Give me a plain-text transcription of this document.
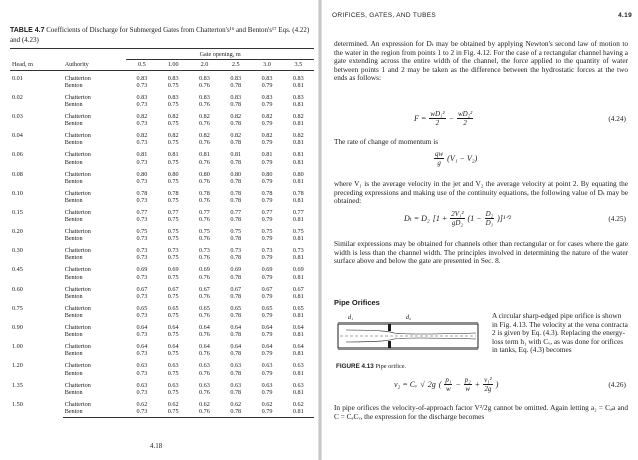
TABLE 4.7 Coefficients of Discharge for Submerged Gates from Chatterton's¹⁶ and Benton's¹⁷ Eqs. (4.22) and (4.23)
		Gate opening, m					
Head, m	Authority	0.5	1.00	2.0	2.5	3.0	3.5
0.01	Chatterton	0.83	0.83	0.83	0.83	0.83	0.83
	Benton	0.73	0.75	0.76	0.78	0.79	0.81
0.02	Chatterton	0.83	0.83	0.83	0.83	0.83	0.83
	Benton	0.73	0.75	0.76	0.78	0.79	0.81
0.03	Chatterton	0.82	0.82	0.82	0.82	0.82	0.82
	Benton	0.73	0.75	0.76	0.78	0.79	0.81
0.04	Chatterton	0.82	0.82	0.82	0.82	0.82	0.82
	Benton	0.73	0.75	0.76	0.78	0.79	0.81
0.06	Chatterton	0.81	0.81	0.81	0.81	0.81	0.81
	Benton	0.73	0.75	0.76	0.78	0.79	0.81
0.08	Chatterton	0.80	0.80	0.80	0.80	0.80	0.80
	Benton	0.73	0.75	0.76	0.78	0.79	0.81
0.10	Chatterton	0.78	0.78	0.78	0.78	0.78	0.78
	Benton	0.73	0.75	0.76	0.78	0.79	0.81
0.15	Chatterton	0.77	0.77	0.77	0.77	0.77	0.77
	Benton	0.73	0.75	0.76	0.78	0.79	0.81
0.20	Chatterton	0.75	0.75	0.75	0.75	0.75	0.75
	Benton	0.73	0.75	0.76	0.78	0.79	0.81
0.30	Chatterton	0.73	0.73	0.73	0.73	0.73	0.73
	Benton	0.73	0.75	0.76	0.78	0.79	0.81
0.45	Chatterton	0.69	0.69	0.69	0.69	0.69	0.69
	Benton	0.73	0.75	0.76	0.78	0.79	0.81
0.60	Chatterton	0.67	0.67	0.67	0.67	0.67	0.67
	Benton	0.73	0.75	0.76	0.78	0.79	0.81
0.75	Chatterton	0.65	0.65	0.65	0.65	0.65	0.65
	Benton	0.73	0.75	0.76	0.78	0.79	0.81
0.90	Chatterton	0.64	0.64	0.64	0.64	0.64	0.64
	Benton	0.73	0.75	0.76	0.78	0.79	0.81
1.00	Chatterton	0.64	0.64	0.64	0.64	0.64	0.64
	Benton	0.73	0.75	0.76	0.78	0.79	0.81
1.20	Chatterton	0.63	0.63	0.63	0.63	0.63	0.63
	Benton	0.73	0.75	0.76	0.78	0.79	0.81
1.35	Chatterton	0.63	0.63	0.63	0.63	0.63	0.63
	Benton	0.73	0.75	0.76	0.78	0.79	0.81
1.50	Chatterton	0.62	0.62	0.62	0.62	0.62	0.62
	Benton	0.73	0.75	0.76	0.78	0.79	0.81
4.18
ORIFICES, GATES, AND TUBES	4.19
determined. An expression for Dₜ may be obtained by applying Newton's second law of motion to the water in the region from points 1 to 2 in Fig. 4.12. For the case of a rectangular channel having a gate extending across the entire width of the channel, the force applied to the quantity of water between points 1 and 2 may be taken as the difference between the hydrostatic forces at the two ends as follows:
$F = \frac{\text{wD₁²}}{2} - \frac{\text{wD₂²}}{2}$	(4.24)
The rate of change of momentum is
$\frac{qw}{g} (V_1 - V_2)$
where V₁ is the average velocity in the jet and V₂ the average velocity at point 2. By equating the preceding expressions and making use of the continuity equations, the following value of Dₜ may be obtained:
Dₜ = D₂ [$1 + \frac{\text{2V₁²}}{\text{gD₂}} (1 - \frac{\text{D₂}}{\text{D₁}}$ )]¹ᐟ²	(4.25)
Similar expressions may be obtained for channels other than rectangular or for cases where the gate width is less than the channel width. The principles involved in determining the nature of the water surface above and below the gate are presented in Sec. 8.
Pipe Orifices
d₁	d₂
FIGURE 4.13 Pipe orifice.
A circular sharp-edged pipe orifice is shown in Fig. 4.13. The velocity at the vena contracta 2 is given by Eq. (4.3). Replacing the energy-loss term h₁ with Cᵥ, as was done for orifices in tanks, Eq. (4.3) becomes
v₂ = Cᵥ √ 2g ( $\frac{\text{p₁}}{w} - \frac{\text{p₂}}{w} + \frac{\text{v₁²}}{2g}$ )	(4.26)
In pipe orifices the velocity-of-approach factor V²/2g cannot be omitted. Again letting a₂ = Cₐa and C = CₐCᵥ, the expression for the discharge becomes
